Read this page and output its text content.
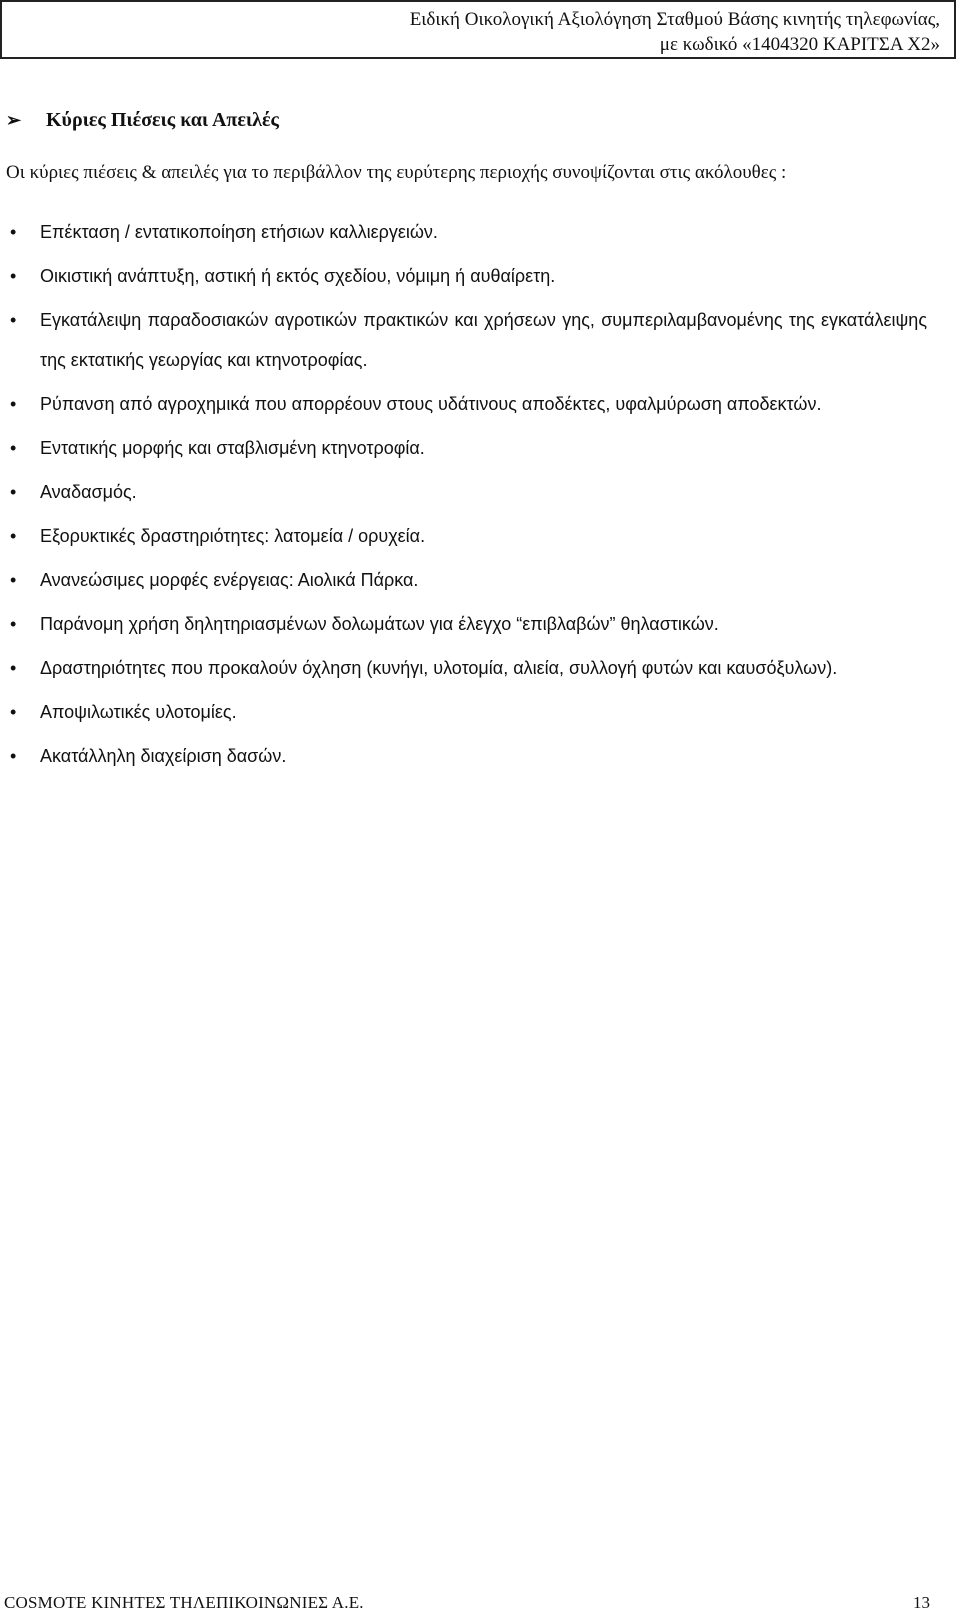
Ειδική Οικολογική Αξιολόγηση Σταθμού Βάσης κινητής τηλεφωνίας,
με κωδικό «1404320 ΚΑΡΙΤΣΑ Χ2»
➢ Κύριες Πιέσεις και Απειλές
Οι κύριες πιέσεις & απειλές για το περιβάλλον της ευρύτερης περιοχής συνοψίζονται στις ακόλουθες :
• Επέκταση / εντατικοποίηση ετήσιων καλλιεργειών.
• Οικιστική ανάπτυξη, αστική ή εκτός σχεδίου, νόμιμη ή αυθαίρετη.
• Εγκατάλειψη παραδοσιακών αγροτικών πρακτικών και χρήσεων γης, συμπεριλαμβανομένης της εγκατάλειψης της εκτατικής γεωργίας και κτηνοτροφίας.
• Ρύπανση από αγροχημικά που απορρέουν στους υδάτινους αποδέκτες, υφαλμύρωση αποδεκτών.
• Εντατικής μορφής και σταβλισμένη κτηνοτροφία.
• Αναδασμός.
• Εξορυκτικές δραστηριότητες: λατομεία / ορυχεία.
• Ανανεώσιμες μορφές ενέργειας: Αιολικά Πάρκα.
• Παράνομη χρήση δηλητηριασμένων δολωμάτων για έλεγχο “επιβλαβών” θηλαστικών.
• Δραστηριότητες που προκαλούν όχληση (κυνήγι, υλοτομία, αλιεία, συλλογή φυτών και καυσόξυλων).
• Αποψιλωτικές υλοτομίες.
• Ακατάλληλη διαχείριση δασών.
COSMOTE ΚΙΝΗΤΕΣ ΤΗΛΕΠΙΚΟΙΝΩΝΙΕΣ Α.Ε.	13
